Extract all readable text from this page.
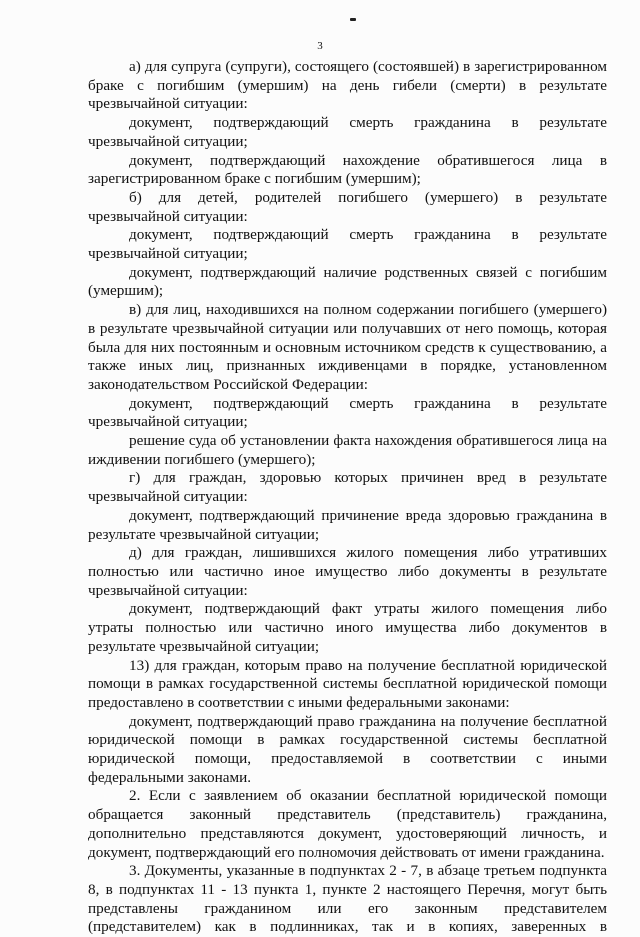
3

а) для супруга (супруги), состоящего (состоявшей) в зарегистрированном браке с погибшим (умершим) на день гибели (смерти) в результате чрезвычайной ситуации:

документ, подтверждающий смерть гражданина в результате чрезвычайной ситуации;

документ, подтверждающий нахождение обратившегося лица в зарегистрированном браке с погибшим (умершим);

б) для детей, родителей погибшего (умершего) в результате чрезвычайной ситуации:

документ, подтверждающий смерть гражданина в результате чрезвычайной ситуации;

документ, подтверждающий наличие родственных связей с погибшим (умершим);

в) для лиц, находившихся на полном содержании погибшего (умершего) в результате чрезвычайной ситуации или получавших от него помощь, которая была для них постоянным и основным источником средств к существованию, а также иных лиц, признанных иждивенцами в порядке, установленном законодательством Российской Федерации:

документ, подтверждающий смерть гражданина в результате чрезвычайной ситуации;

решение суда об установлении факта нахождения обратившегося лица на иждивении погибшего (умершего);

г) для граждан, здоровью которых причинен вред в результате чрезвычайной ситуации:

документ, подтверждающий причинение вреда здоровью гражданина в результате чрезвычайной ситуации;

д) для граждан, лишившихся жилого помещения либо утративших полностью или частично иное имущество либо документы в результате чрезвычайной ситуации:

документ, подтверждающий факт утраты жилого помещения либо утраты полностью или частично иного имущества либо документов в результате чрезвычайной ситуации;

13) для граждан, которым право на получение бесплатной юридической помощи в рамках государственной системы бесплатной юридической помощи предоставлено в соответствии с иными федеральными законами:

документ, подтверждающий право гражданина на получение бесплатной юридической помощи в рамках государственной системы бесплатной юридической помощи, предоставляемой в соответствии с иными федеральными законами.

2. Если с заявлением об оказании бесплатной юридической помощи обращается законный представитель (представитель) гражданина, дополнительно представляются документ, удостоверяющий личность, и документ, подтверждающий его полномочия действовать от имени гражданина.

3. Документы, указанные в подпунктах 2 - 7, в абзаце третьем подпункта 8, в подпунктах 11 - 13 пункта 1, пункте 2 настоящего Перечня, могут быть представлены гражданином или его законным представителем (представителем) как в подлинниках, так и в копиях, заверенных в
